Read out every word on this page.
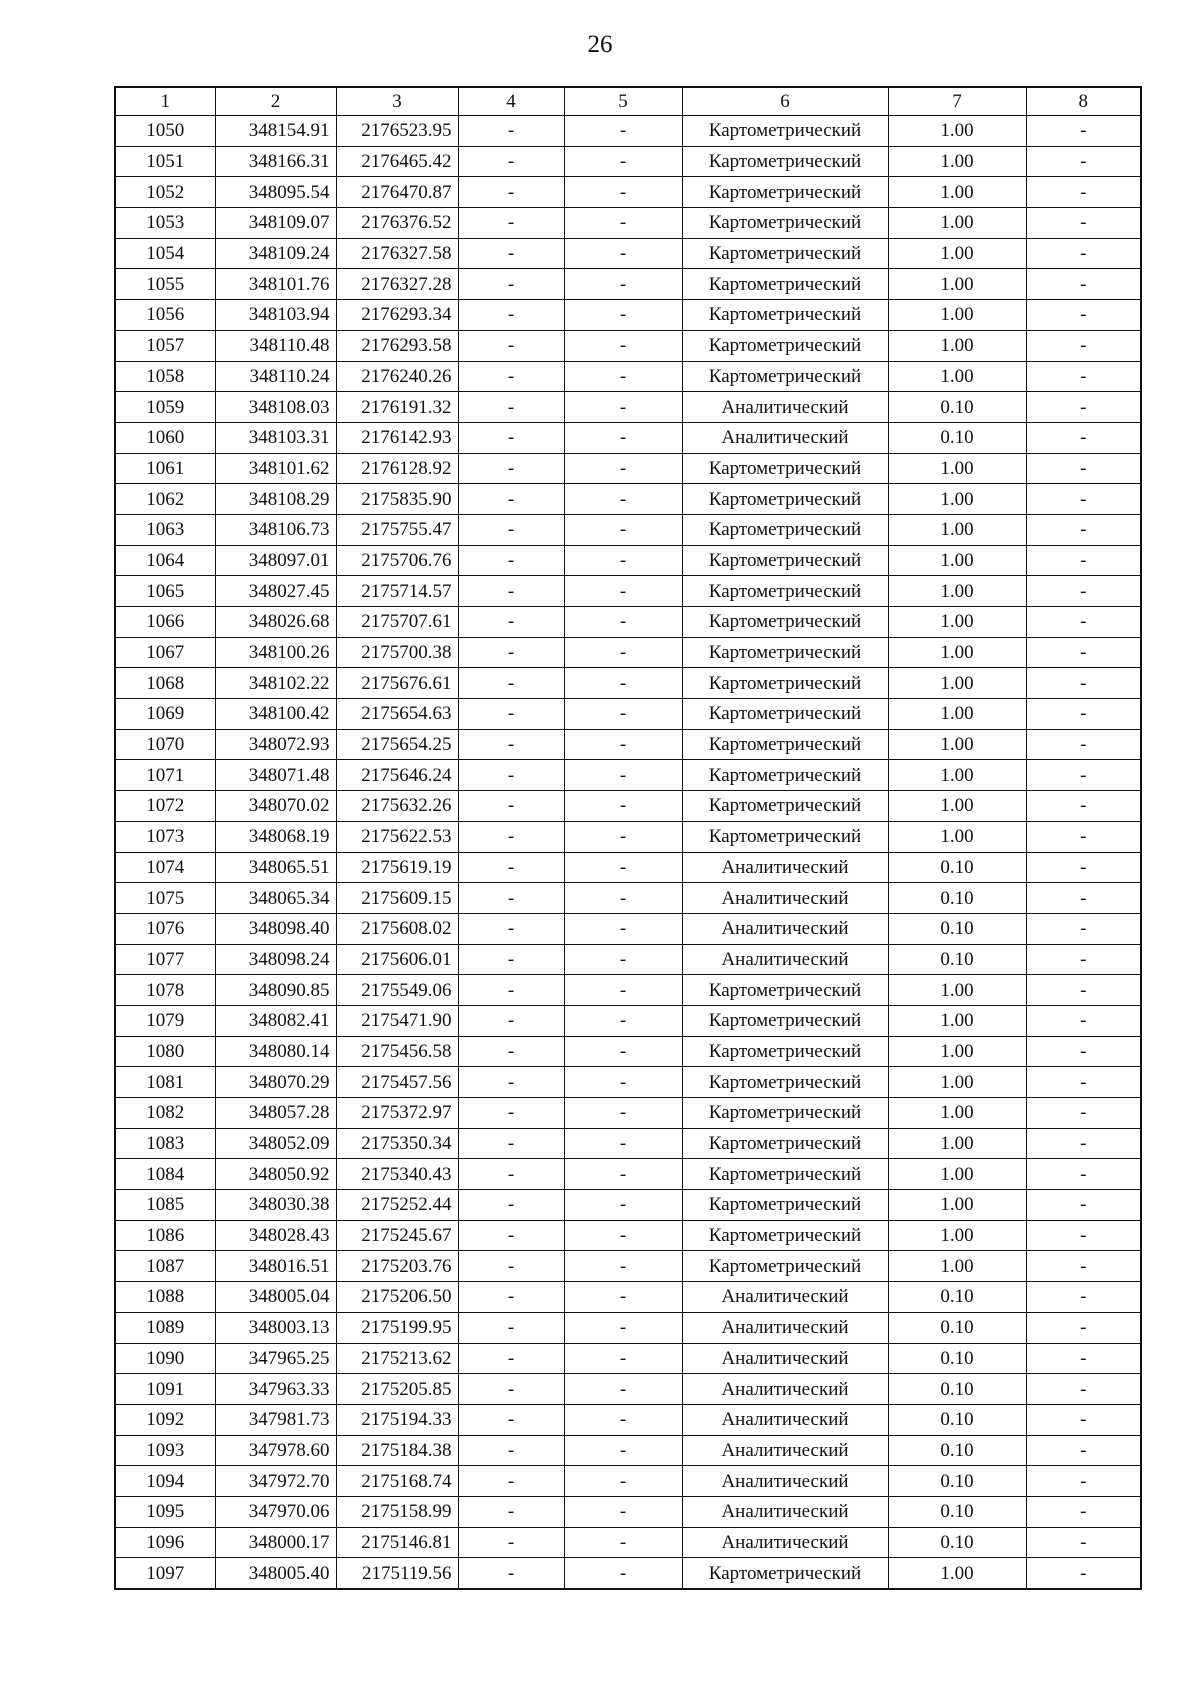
26
1	2	3	4	5	6	7	8
1050	348154.91	2176523.95	-	-	Картометрический	1.00	-
1051	348166.31	2176465.42	-	-	Картометрический	1.00	-
1052	348095.54	2176470.87	-	-	Картометрический	1.00	-
1053	348109.07	2176376.52	-	-	Картометрический	1.00	-
1054	348109.24	2176327.58	-	-	Картометрический	1.00	-
1055	348101.76	2176327.28	-	-	Картометрический	1.00	-
1056	348103.94	2176293.34	-	-	Картометрический	1.00	-
1057	348110.48	2176293.58	-	-	Картометрический	1.00	-
1058	348110.24	2176240.26	-	-	Картометрический	1.00	-
1059	348108.03	2176191.32	-	-	Аналитический	0.10	-
1060	348103.31	2176142.93	-	-	Аналитический	0.10	-
1061	348101.62	2176128.92	-	-	Картометрический	1.00	-
1062	348108.29	2175835.90	-	-	Картометрический	1.00	-
1063	348106.73	2175755.47	-	-	Картометрический	1.00	-
1064	348097.01	2175706.76	-	-	Картометрический	1.00	-
1065	348027.45	2175714.57	-	-	Картометрический	1.00	-
1066	348026.68	2175707.61	-	-	Картометрический	1.00	-
1067	348100.26	2175700.38	-	-	Картометрический	1.00	-
1068	348102.22	2175676.61	-	-	Картометрический	1.00	-
1069	348100.42	2175654.63	-	-	Картометрический	1.00	-
1070	348072.93	2175654.25	-	-	Картометрический	1.00	-
1071	348071.48	2175646.24	-	-	Картометрический	1.00	-
1072	348070.02	2175632.26	-	-	Картометрический	1.00	-
1073	348068.19	2175622.53	-	-	Картометрический	1.00	-
1074	348065.51	2175619.19	-	-	Аналитический	0.10	-
1075	348065.34	2175609.15	-	-	Аналитический	0.10	-
1076	348098.40	2175608.02	-	-	Аналитический	0.10	-
1077	348098.24	2175606.01	-	-	Аналитический	0.10	-
1078	348090.85	2175549.06	-	-	Картометрический	1.00	-
1079	348082.41	2175471.90	-	-	Картометрический	1.00	-
1080	348080.14	2175456.58	-	-	Картометрический	1.00	-
1081	348070.29	2175457.56	-	-	Картометрический	1.00	-
1082	348057.28	2175372.97	-	-	Картометрический	1.00	-
1083	348052.09	2175350.34	-	-	Картометрический	1.00	-
1084	348050.92	2175340.43	-	-	Картометрический	1.00	-
1085	348030.38	2175252.44	-	-	Картометрический	1.00	-
1086	348028.43	2175245.67	-	-	Картометрический	1.00	-
1087	348016.51	2175203.76	-	-	Картометрический	1.00	-
1088	348005.04	2175206.50	-	-	Аналитический	0.10	-
1089	348003.13	2175199.95	-	-	Аналитический	0.10	-
1090	347965.25	2175213.62	-	-	Аналитический	0.10	-
1091	347963.33	2175205.85	-	-	Аналитический	0.10	-
1092	347981.73	2175194.33	-	-	Аналитический	0.10	-
1093	347978.60	2175184.38	-	-	Аналитический	0.10	-
1094	347972.70	2175168.74	-	-	Аналитический	0.10	-
1095	347970.06	2175158.99	-	-	Аналитический	0.10	-
1096	348000.17	2175146.81	-	-	Аналитический	0.10	-
1097	348005.40	2175119.56	-	-	Картометрический	1.00	-
